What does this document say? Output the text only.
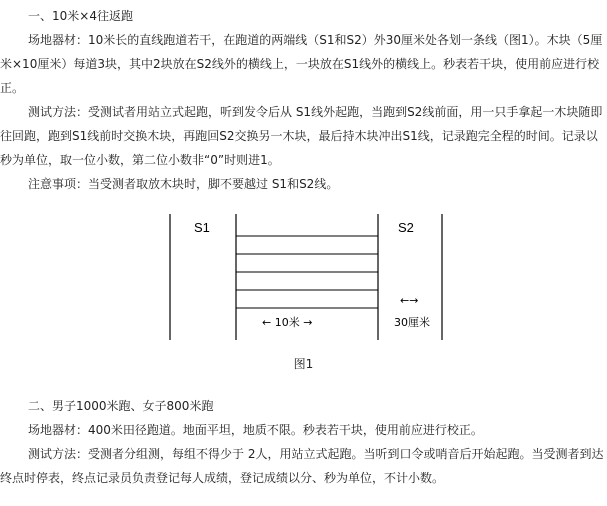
一、10米×4往返跑

场地器材：10米长的直线跑道若干，在跑道的两端线（S1和S2）外30厘米处各划一条线（图1）。木块（5厘米×10厘米）每道3块，其中2块放在S2线外的横线上，一块放在S1线外的横线上。秒表若干块，使用前应进行校正。

测试方法：受测试者用站立式起跑，听到发令后从 S1线外起跑，当跑到S2线前面，用一只手拿起一木块随即往回跑，跑到S1线前时交换木块，再跑回S2交换另一木块，最后持木块冲出S1线，记录跑完全程的时间。记录以秒为单位，取一位小数，第二位小数非“0”时则进1。

注意事项：当受测者取放木块时，脚不要越过 S1和S2线。

S1	S2
← 10米 →
←→
30厘米
图1
二、男子1000米跑、女子800米跑

场地器材：400米田径跑道。地面平坦，地质不限。秒表若干块，使用前应进行校正。

测试方法：受测者分组测，每组不得少于 2人，用站立式起跑。当听到口令或哨音后开始起跑。当受测者到达终点时停表，终点记录员负责登记每人成绩，登记成绩以分、秒为单位，不计小数。
